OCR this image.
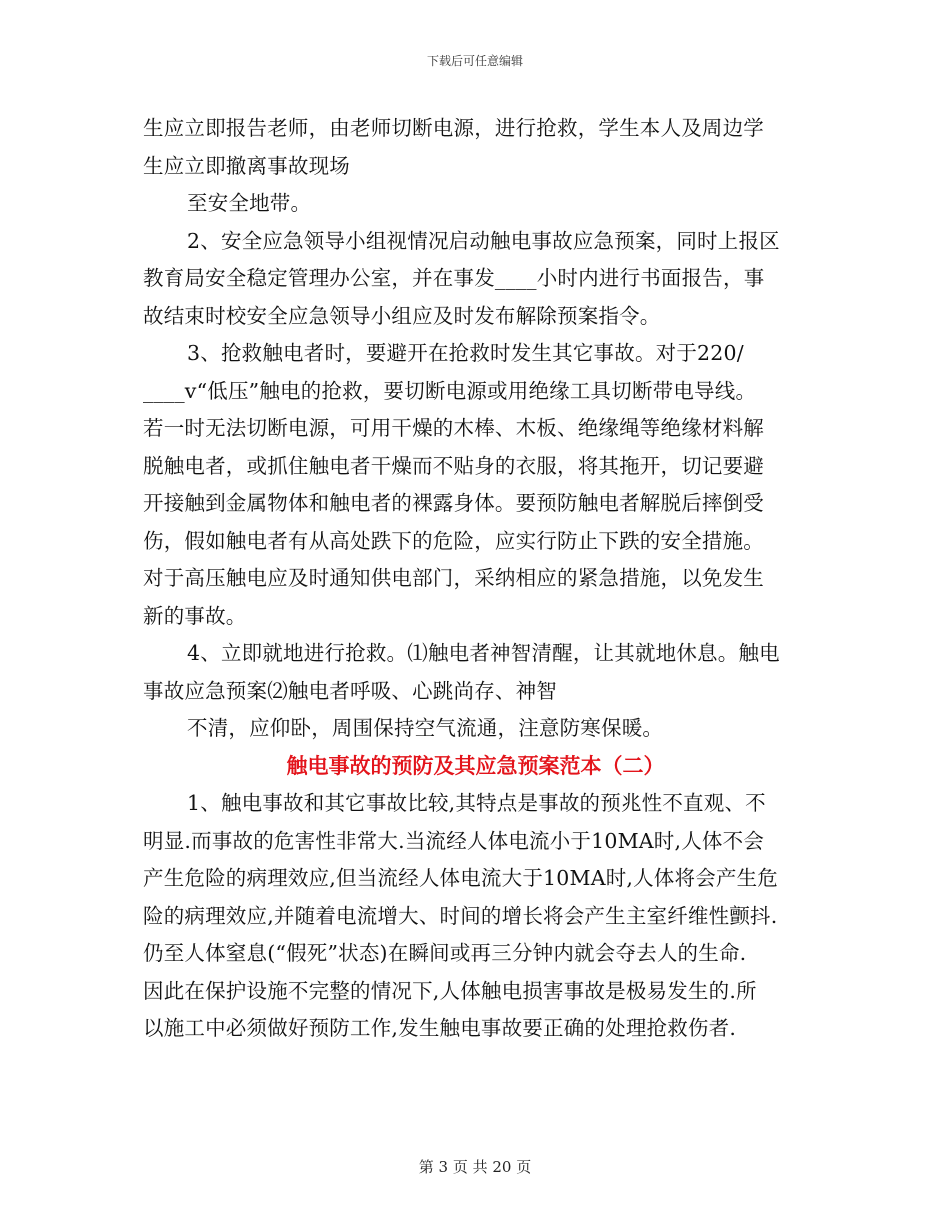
下载后可任意编辑
生应立即报告老师，由老师切断电源，进行抢救，学生本人及周边学
生应立即撤离事故现场
至安全地带。
2、安全应急领导小组视情况启动触电事故应急预案，同时上报区
教育局安全稳定管理办公室，并在事发____小时内进行书面报告，事
故结束时校安全应急领导小组应及时发布解除预案指令。
3、抢救触电者时，要避开在抢救时发生其它事故。对于220/
____v“低压”触电的抢救，要切断电源或用绝缘工具切断带电导线。
若一时无法切断电源，可用干燥的木棒、木板、绝缘绳等绝缘材料解
脱触电者，或抓住触电者干燥而不贴身的衣服，将其拖开，切记要避
开接触到金属物体和触电者的裸露身体。要预防触电者解脱后摔倒受
伤，假如触电者有从高处跌下的危险，应实行防止下跌的安全措施。
对于高压触电应及时通知供电部门，采纳相应的紧急措施，以免发生
新的事故。
4、立即就地进行抢救。⑴触电者神智清醒，让其就地休息。触电
事故应急预案⑵触电者呼吸、心跳尚存、神智
不清，应仰卧，周围保持空气流通，注意防寒保暖。
触电事故的预防及其应急预案范本（二）
1、触电事故和其它事故比较,其特点是事故的预兆性不直观、不
明显.而事故的危害性非常大.当流经人体电流小于10MA时,人体不会
产生危险的病理效应,但当流经人体电流大于10MA时,人体将会产生危
险的病理效应,并随着电流增大、时间的增长将会产生主室纤维性颤抖.
仍至人体窒息(“假死”状态)在瞬间或再三分钟内就会夺去人的生命.
因此在保护设施不完整的情况下,人体触电损害事故是极易发生的.所
以施工中必须做好预防工作,发生触电事故要正确的处理抢救伤者.
第 3 页 共 20 页
